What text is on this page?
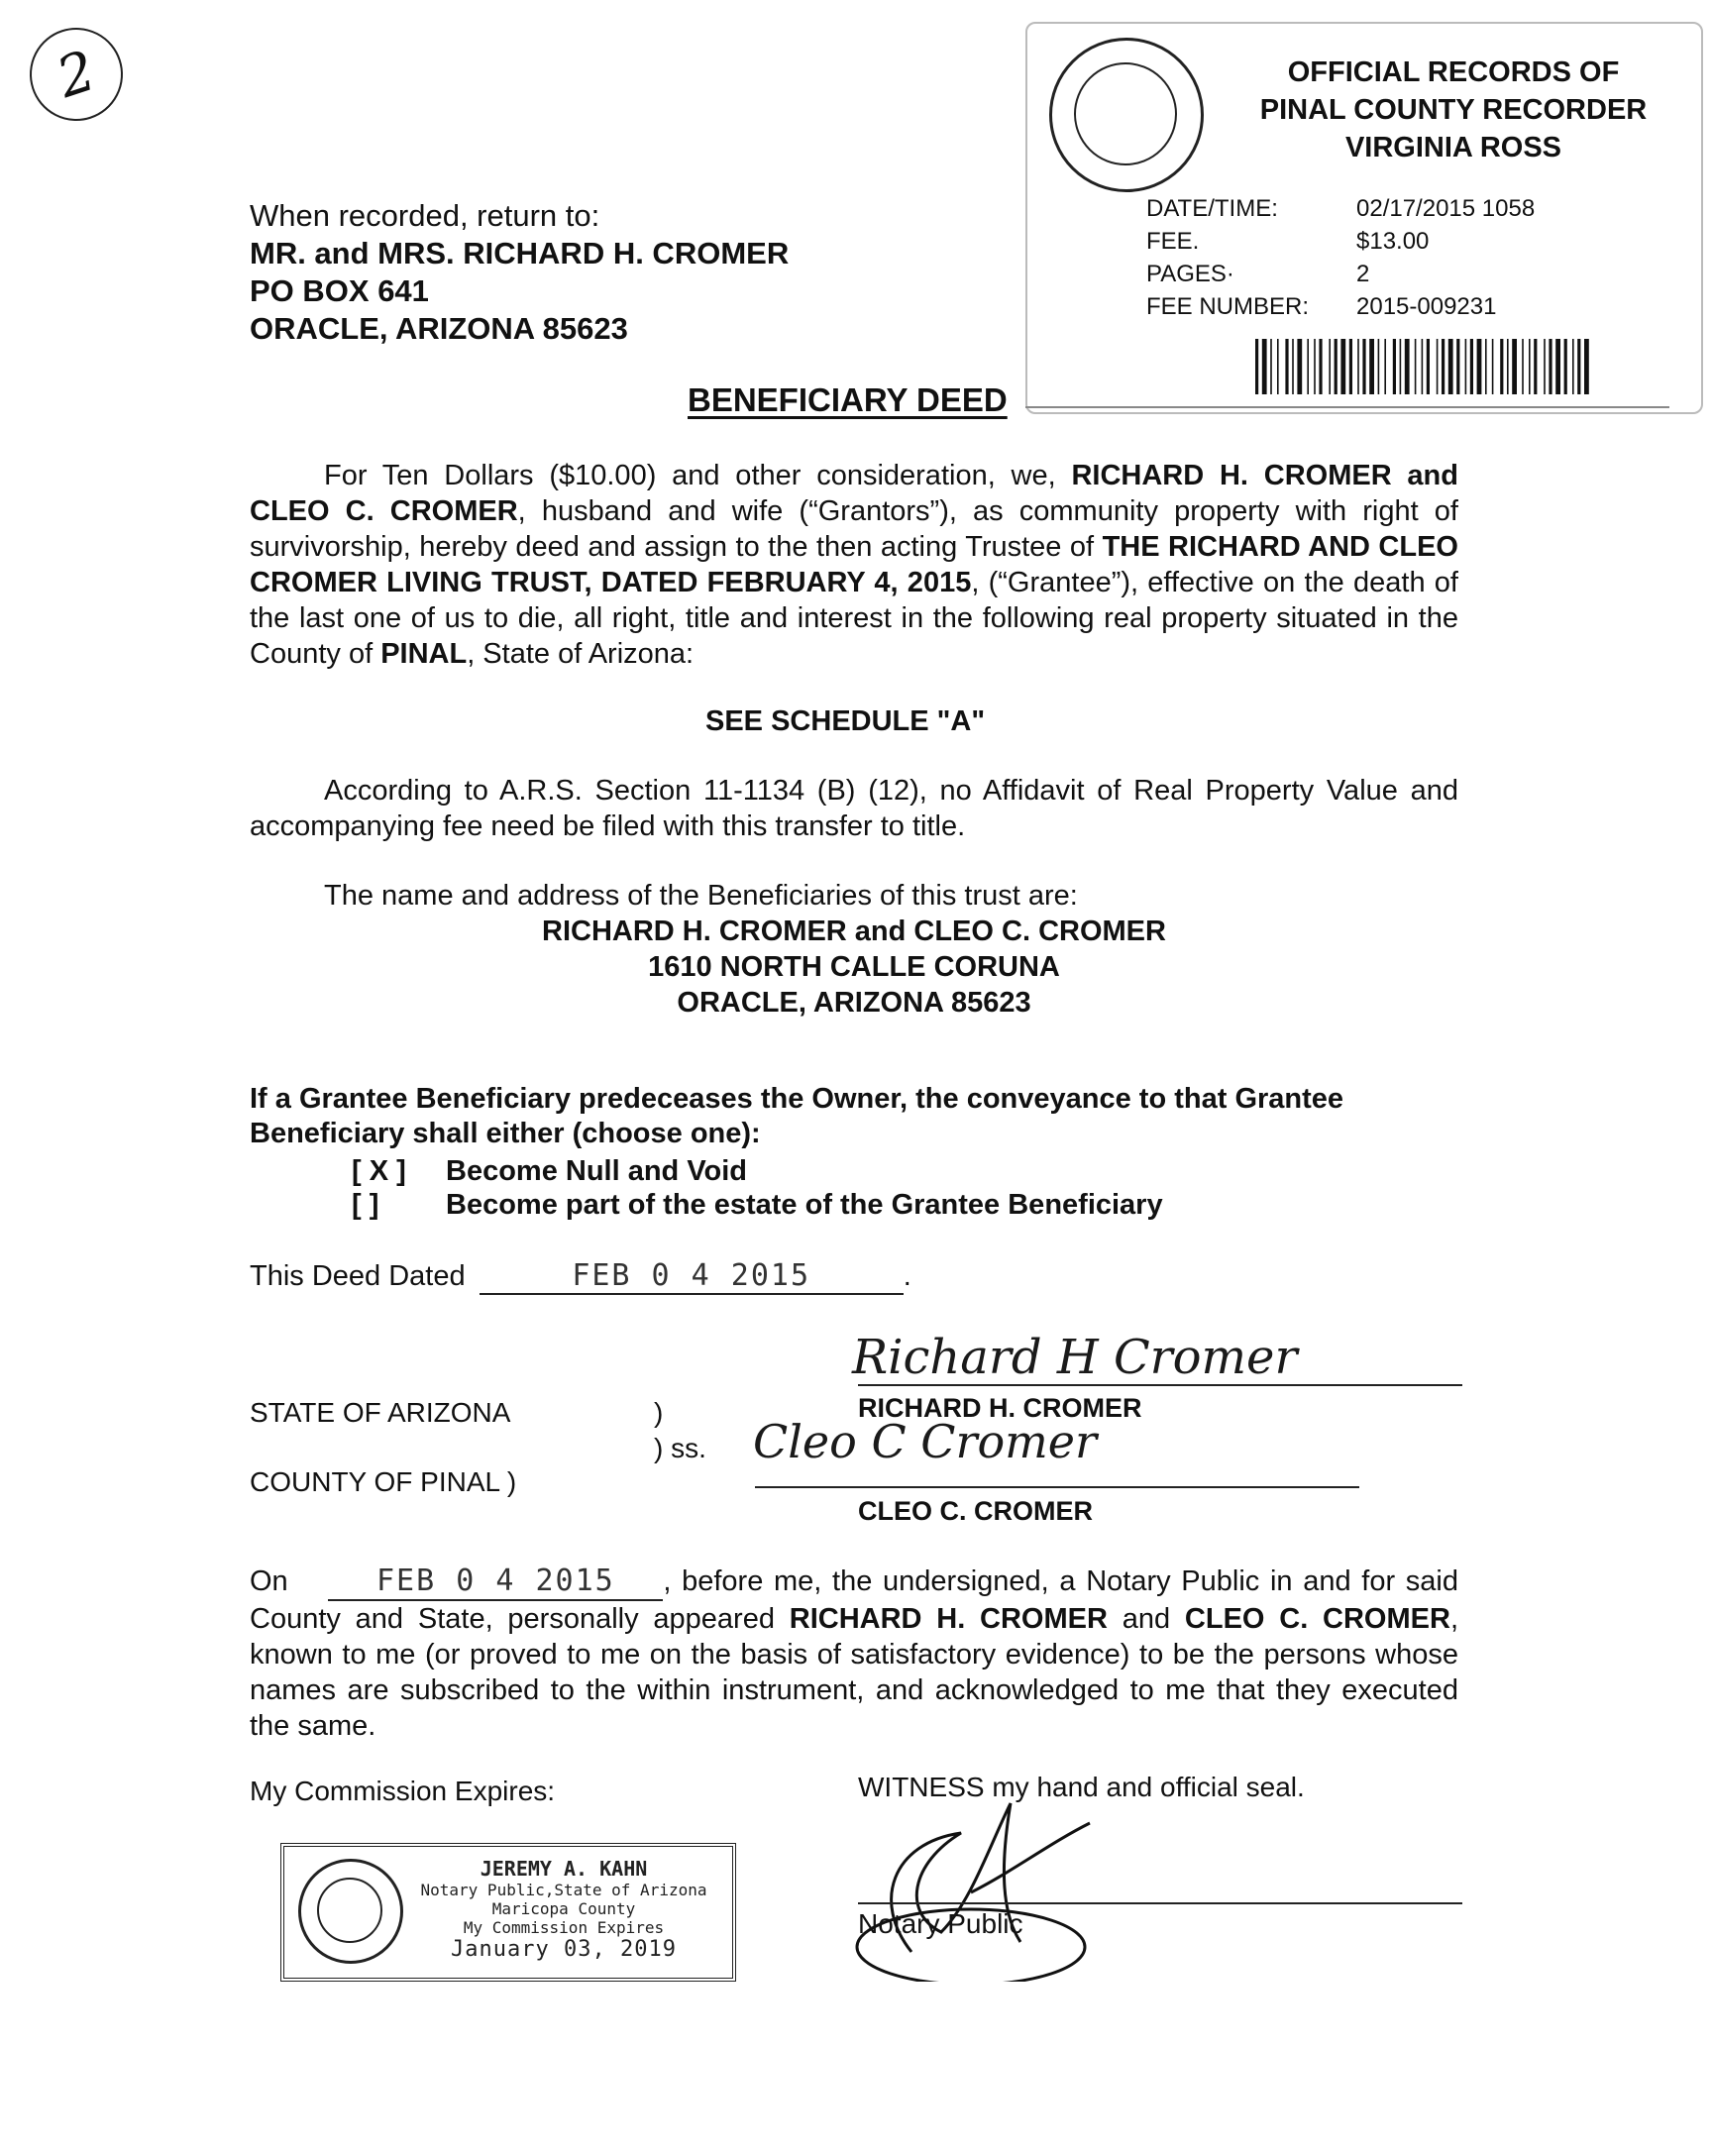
2	OFFICIAL RECORDS OF
PINAL COUNTY RECORDER
VIRGINIA ROSS
DATE/TIME:	02/17/2015 1058
FEE.	$13.00
PAGES·	2
FEE NUMBER:	2015-009231
When recorded, return to:
MR. and MRS. RICHARD H. CROMER
PO BOX 641
ORACLE, ARIZONA 85623
BENEFICIARY DEED
For Ten Dollars ($10.00) and other consideration, we, RICHARD H. CROMER and CLEO C. CROMER, husband and wife (“Grantors”), as community property with right of survivorship, hereby deed and assign to the then acting Trustee of THE RICHARD AND CLEO CROMER LIVING TRUST, DATED FEBRUARY 4, 2015, (“Grantee”), effective on the death of the last one of us to die, all right, title and interest in the following real property situated in the County of PINAL, State of Arizona:
SEE SCHEDULE "A"
According to A.R.S. Section 11-1134 (B) (12), no Affidavit of Real Property Value and accompanying fee need be filed with this transfer to title.
The name and address of the Beneficiaries of this trust are:
RICHARD H. CROMER and CLEO C. CROMER
1610 NORTH CALLE CORUNA
ORACLE, ARIZONA 85623
If a Grantee Beneficiary predeceases the Owner, the conveyance to that Grantee Beneficiary shall either (choose one):
[ X ] Become Null and Void
[ ] Become part of the estate of the Grantee Beneficiary
This Deed Dated	FEB 0 4 2015	.
Richard H Cromer
RICHARD H. CROMER
STATE OF ARIZONA	)
) ss.
COUNTY OF PINAL )
Cleo C Cromer
CLEO C. CROMER
On	FEB 0 4 2015 , before me, the undersigned, a Notary Public in and for said County and State, personally appeared RICHARD H. CROMER and CLEO C. CROMER, known to me (or proved to me on the basis of satisfactory evidence) to be the persons whose names are subscribed to the within instrument, and acknowledged to me that they executed the same.
My Commission Expires:	WITNESS my hand and official seal.
Notary Public
JEREMY A. KAHN
Notary Public,State of Arizona
Maricopa County
My Commission Expires
January 03, 2019
